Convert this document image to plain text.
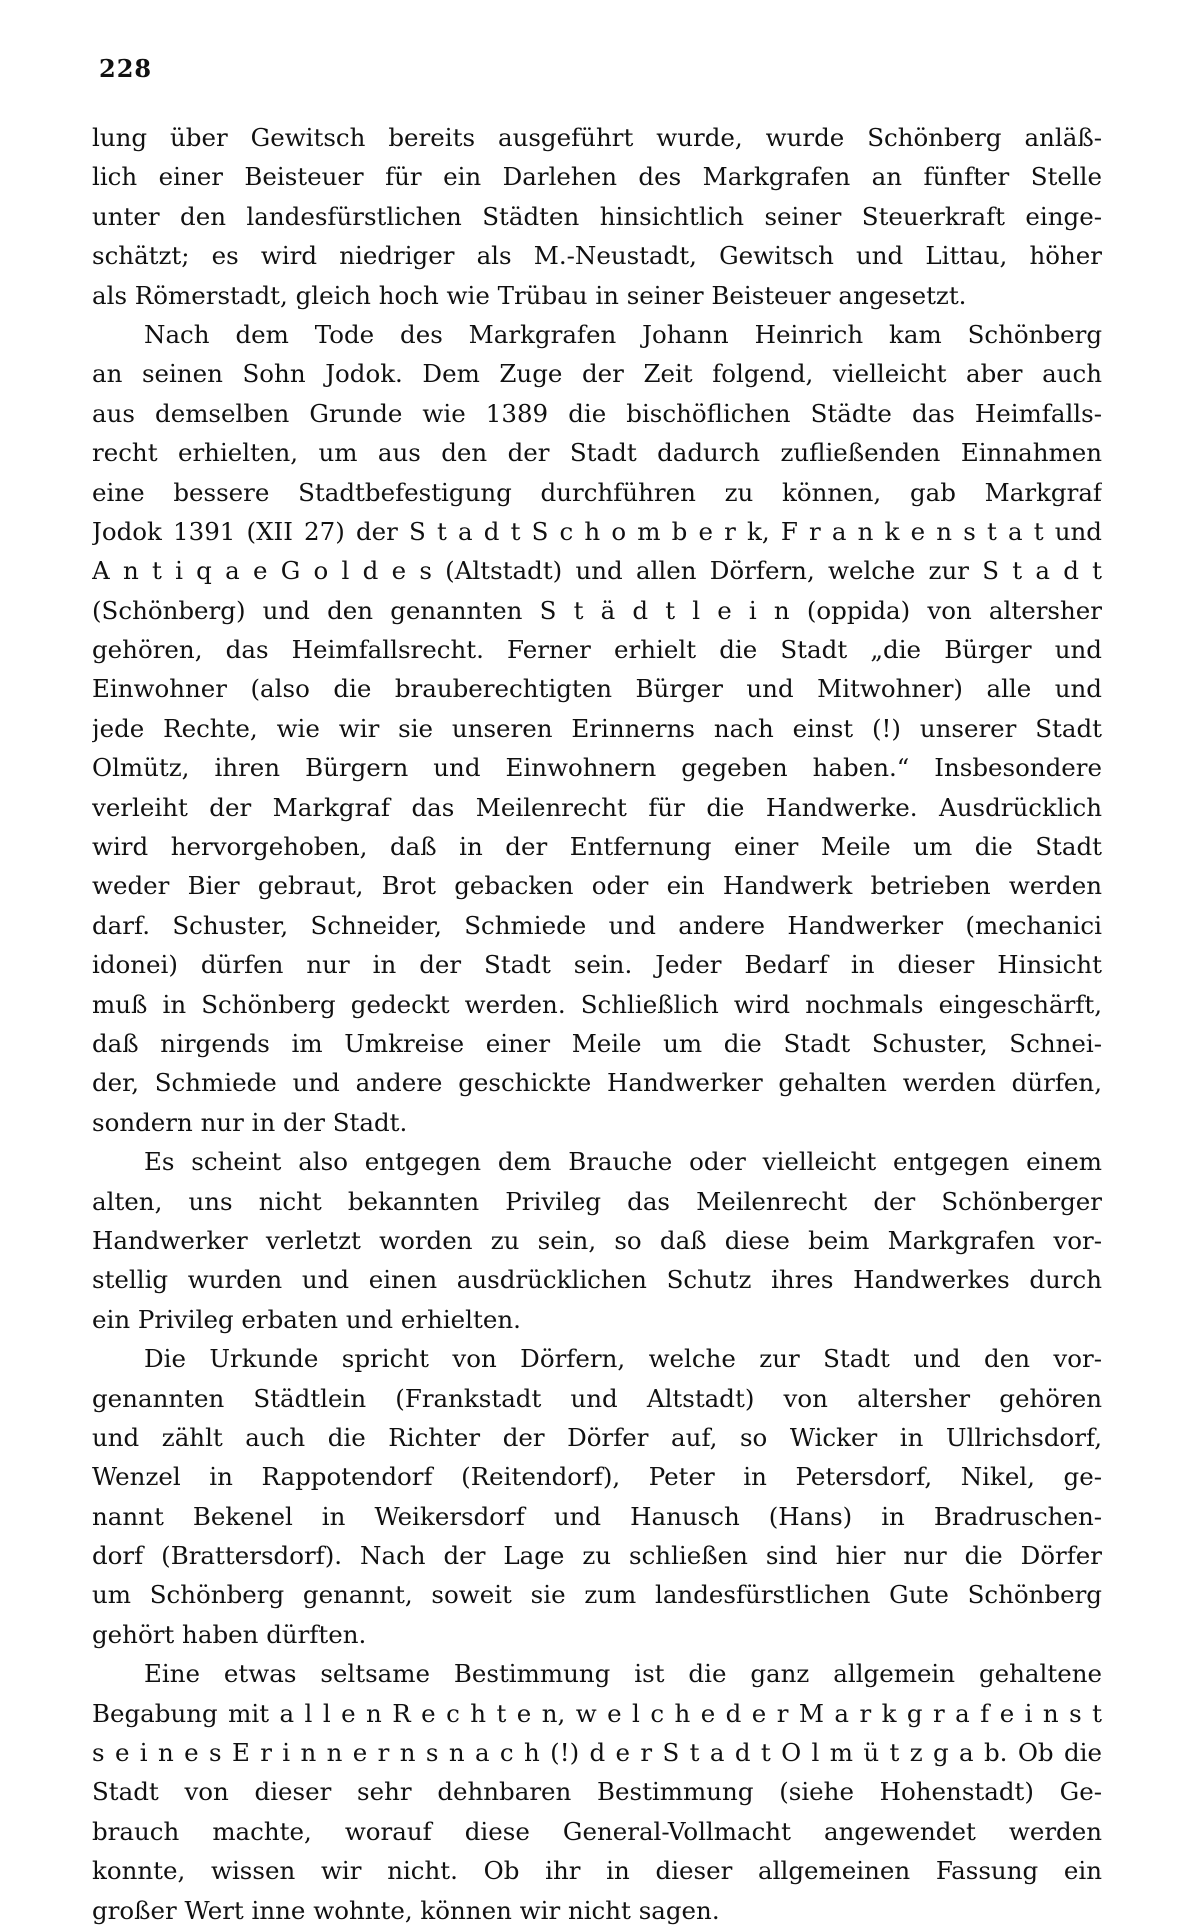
228
lung über Gewitsch bereits ausgeführt wurde, wurde Schönberg anläß-
lich einer Beisteuer für ein Darlehen des Markgrafen an fünfter Stelle
unter den landesfürstlichen Städten hinsichtlich seiner Steuerkraft einge-
schätzt; es wird niedriger als M.-Neustadt, Gewitsch und Littau, höher
als Römerstadt, gleich hoch wie Trübau in seiner Beisteuer angesetzt.
Nach dem Tode des Markgrafen Johann Heinrich kam Schönberg
an seinen Sohn Jodok. Dem Zuge der Zeit folgend, vielleicht aber auch
aus demselben Grunde wie 1389 die bischöflichen Städte das Heimfalls-
recht erhielten, um aus den der Stadt dadurch zufließenden Einnahmen
eine bessere Stadtbefestigung durchführen zu können, gab Markgraf
Jodok 1391 (XII 27) der S t a d t S c h o m b e r k, F r a n k e n s t a t und
A n t i q a e G o l d e s (Altstadt) und allen Dörfern, welche zur S t a d t
(Schönberg) und den genannten S t ä d t l e i n (oppida) von altersher
gehören, das Heimfallsrecht. Ferner erhielt die Stadt „die Bürger und
Einwohner (also die brauberechtigten Bürger und Mitwohner) alle und
jede Rechte, wie wir sie unseren Erinnerns nach einst (!) unserer Stadt
Olmütz, ihren Bürgern und Einwohnern gegeben haben.“ Insbesondere
verleiht der Markgraf das Meilenrecht für die Handwerke. Ausdrücklich
wird hervorgehoben, daß in der Entfernung einer Meile um die Stadt
weder Bier gebraut, Brot gebacken oder ein Handwerk betrieben werden
darf. Schuster, Schneider, Schmiede und andere Handwerker (mechanici
idonei) dürfen nur in der Stadt sein. Jeder Bedarf in dieser Hinsicht
muß in Schönberg gedeckt werden. Schließlich wird nochmals eingeschärft,
daß nirgends im Umkreise einer Meile um die Stadt Schuster, Schnei-
der, Schmiede und andere geschickte Handwerker gehalten werden dürfen,
sondern nur in der Stadt.
Es scheint also entgegen dem Brauche oder vielleicht entgegen einem
alten, uns nicht bekannten Privileg das Meilenrecht der Schönberger
Handwerker verletzt worden zu sein, so daß diese beim Markgrafen vor-
stellig wurden und einen ausdrücklichen Schutz ihres Handwerkes durch
ein Privileg erbaten und erhielten.
Die Urkunde spricht von Dörfern, welche zur Stadt und den vor-
genannten Städtlein (Frankstadt und Altstadt) von altersher gehören
und zählt auch die Richter der Dörfer auf, so Wicker in Ullrichsdorf,
Wenzel in Rappotendorf (Reitendorf), Peter in Petersdorf, Nikel, ge-
nannt Bekenel in Weikersdorf und Hanusch (Hans) in Bradruschen-
dorf (Brattersdorf). Nach der Lage zu schließen sind hier nur die Dörfer
um Schönberg genannt, soweit sie zum landesfürstlichen Gute Schönberg
gehört haben dürften.
Eine etwas seltsame Bestimmung ist die ganz allgemein gehaltene
Begabung mit a l l e n R e c h t e n, w e l c h e d e r M a r k g r a f e i n s t
s e i n e s E r i n n e r n s n a c h (!) d e r S t a d t O l m ü t z g a b. Ob die
Stadt von dieser sehr dehnbaren Bestimmung (siehe Hohenstadt) Ge-
brauch machte, worauf diese General-Vollmacht angewendet werden
konnte, wissen wir nicht. Ob ihr in dieser allgemeinen Fassung ein
großer Wert inne wohnte, können wir nicht sagen.
